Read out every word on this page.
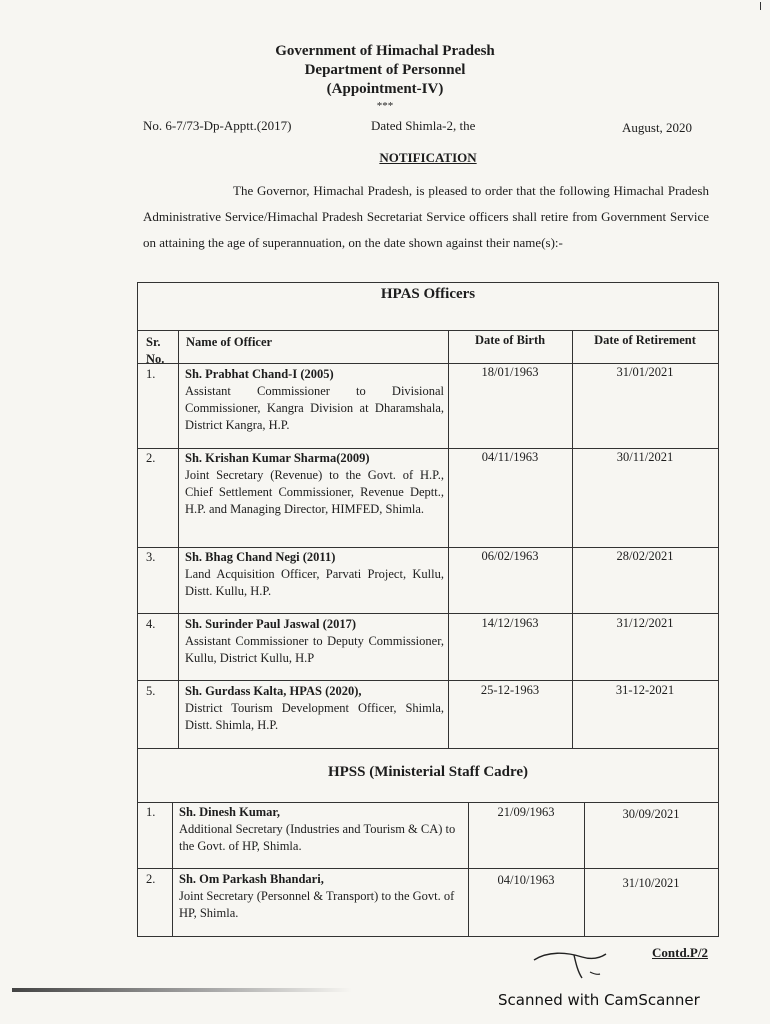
Government of Himachal Pradesh
Department of Personnel
(Appointment-IV)
***
No. 6-7/73-Dp-Apptt.(2017)	Dated Shimla-2, the	August, 2020
NOTIFICATION
The Governor, Himachal Pradesh, is pleased to order that the following Himachal Pradesh Administrative Service/Himachal Pradesh Secretariat Service officers shall retire from Government Service on attaining the age of superannuation, on the date shown against their name(s):-
HPAS Officers
Sr. No.
Name of Officer	Date of Birth	Date of Retirement
1. Sh. Prabhat Chand-I (2005)
Assistant Commissioner to Divisional Commissioner, Kangra Division at Dharamshala, District Kangra, H.P.
18/01/1963	31/01/2021
2. Sh. Krishan Kumar Sharma(2009)
Joint Secretary (Revenue) to the Govt. of H.P., Chief Settlement Commissioner, Revenue Deptt., H.P. and Managing Director, HIMFED, Shimla.
04/11/1963	30/11/2021
3. Sh. Bhag Chand Negi (2011)
Land Acquisition Officer, Parvati Project, Kullu, Distt. Kullu, H.P.
06/02/1963	28/02/2021
4. Sh. Surinder Paul Jaswal (2017)
Assistant Commissioner to Deputy Commissioner, Kullu, District Kullu, H.P
14/12/1963	31/12/2021
5. Sh. Gurdass Kalta, HPAS (2020),
District Tourism Development Officer, Shimla, Distt. Shimla, H.P.
25-12-1963	31-12-2021
HPSS (Ministerial Staff Cadre)
1. Sh. Dinesh Kumar,
Additional Secretary (Industries and Tourism & CA) to the Govt. of HP, Shimla.
21/09/1963	30/09/2021
2. Sh. Om Parkash Bhandari,
Joint Secretary (Personnel & Transport) to the Govt. of HP, Shimla.
04/10/1963	31/10/2021
Contd.P/2
Scanned with CamScanner
